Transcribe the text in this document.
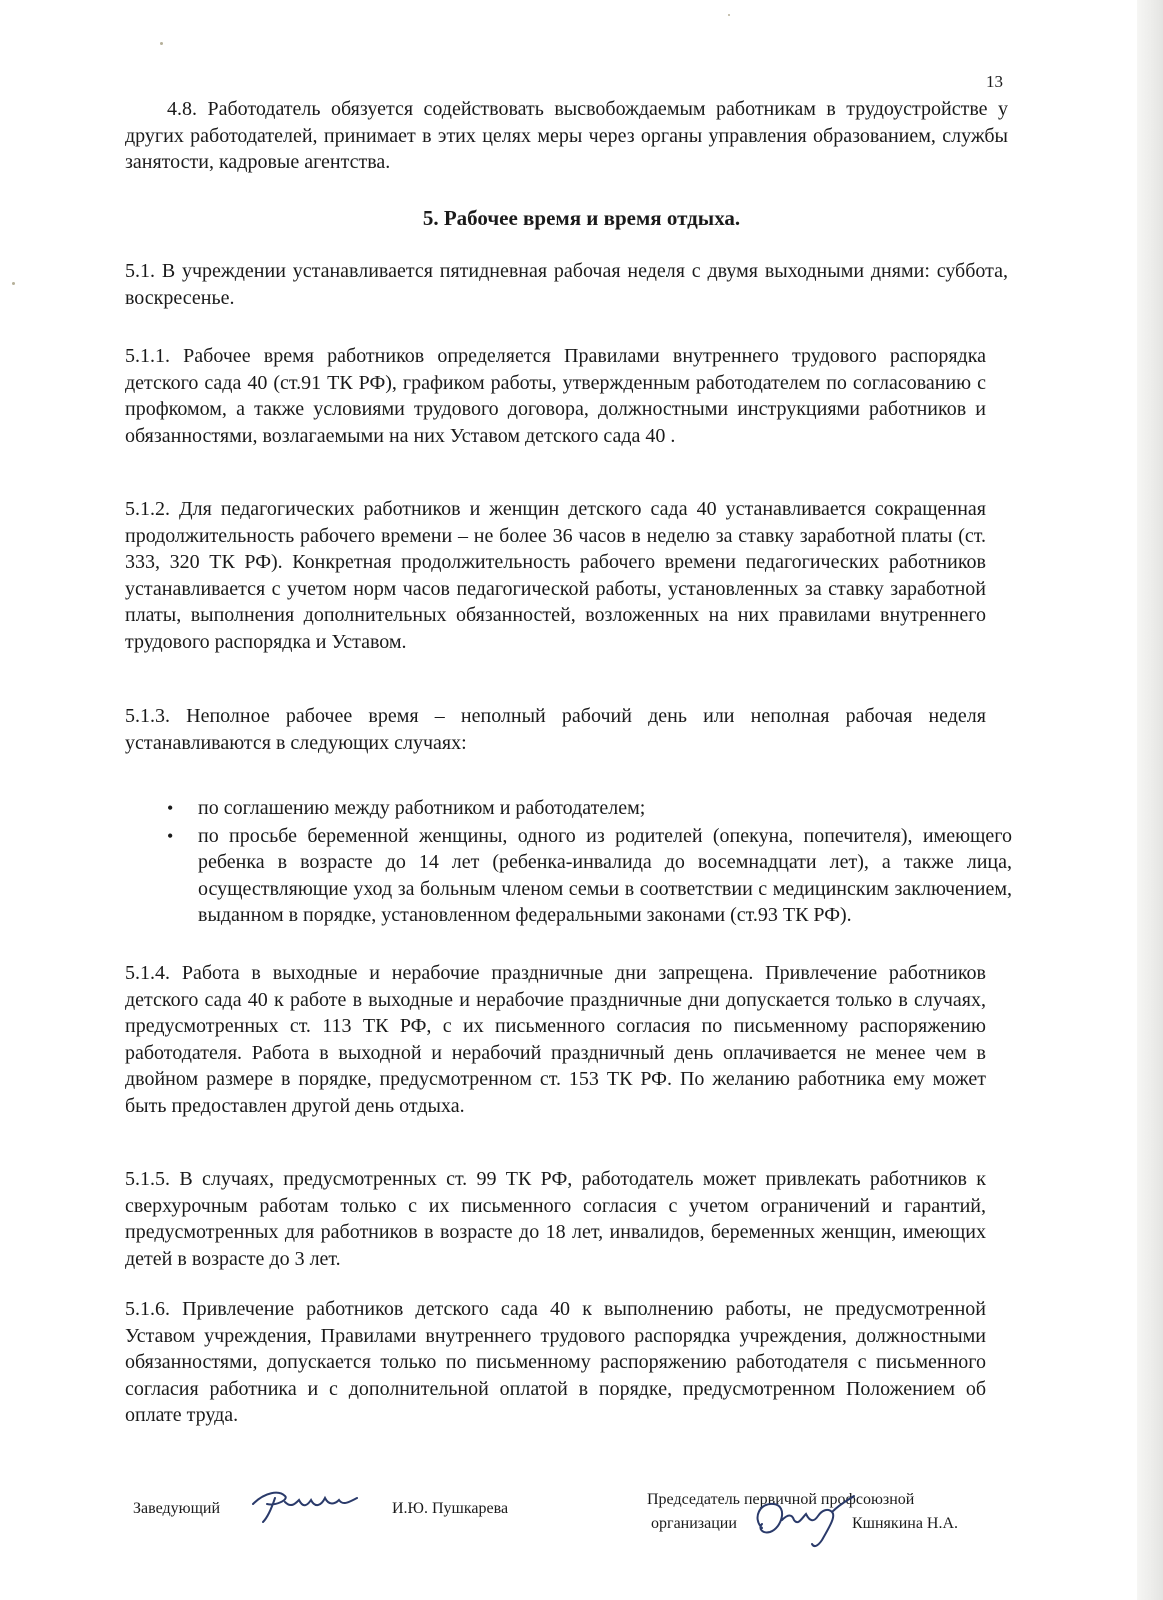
13
4.8. Работодатель обязуется содействовать высвобождаемым работникам в трудоустройстве у других работодателей, принимает в этих целях меры через органы управления образованием, службы занятости, кадровые агентства.
5. Рабочее время и время отдыха.
5.1. В учреждении устанавливается пятидневная рабочая неделя с двумя выходными днями: суббота, воскресенье.
5.1.1. Рабочее время работников определяется Правилами внутреннего трудового распорядка детского сада 40 (ст.91 ТК РФ), графиком работы, утвержденным работодателем по согласованию с профкомом, а также условиями трудового договора, должностными инструкциями работников и обязанностями, возлагаемыми на них Уставом детского сада 40 .
5.1.2. Для педагогических работников и женщин детского сада 40 устанавливается сокращенная продолжительность рабочего времени – не более 36 часов в неделю за ставку заработной платы (ст. 333, 320 ТК РФ). Конкретная продолжительность рабочего времени педагогических работников устанавливается с учетом норм часов педагогической работы, установленных за ставку заработной платы, выполнения дополнительных обязанностей, возложенных на них правилами внутреннего трудового распорядка и Уставом.
5.1.3. Неполное рабочее время – неполный рабочий день или неполная рабочая неделя устанавливаются в следующих случаях:
• по соглашению между работником и работодателем;
• по просьбе беременной женщины, одного из родителей (опекуна, попечителя), имеющего ребенка в возрасте до 14 лет (ребенка-инвалида до восемнадцати лет), а также лица, осуществляющие уход за больным членом семьи в соответствии с медицинским заключением, выданном в порядке, установленном федеральными законами (ст.93 ТК РФ).
5.1.4. Работа в выходные и нерабочие праздничные дни запрещена. Привлечение работников детского сада 40 к работе в выходные и нерабочие праздничные дни допускается только в случаях, предусмотренных ст. 113 ТК РФ, с их письменного согласия по письменному распоряжению работодателя. Работа в выходной и нерабочий праздничный день оплачивается не менее чем в двойном размере в порядке, предусмотренном ст. 153 ТК РФ. По желанию работника ему может быть предоставлен другой день отдыха.
5.1.5. В случаях, предусмотренных ст. 99 ТК РФ, работодатель может привлекать работников к сверхурочным работам только с их письменного согласия с учетом ограничений и гарантий, предусмотренных для работников в возрасте до 18 лет, инвалидов, беременных женщин, имеющих детей в возрасте до 3 лет.
5.1.6. Привлечение работников детского сада 40 к выполнению работы, не предусмотренной Уставом учреждения, Правилами внутреннего трудового распорядка учреждения, должностными обязанностями, допускается только по письменному распоряжению работодателя с письменного согласия работника и с дополнительной оплатой в порядке, предусмотренном Положением об оплате труда.
Заведующий	И.Ю. Пушкарева
Председатель первичной профсоюзной
организации	Кшнякина Н.А.
